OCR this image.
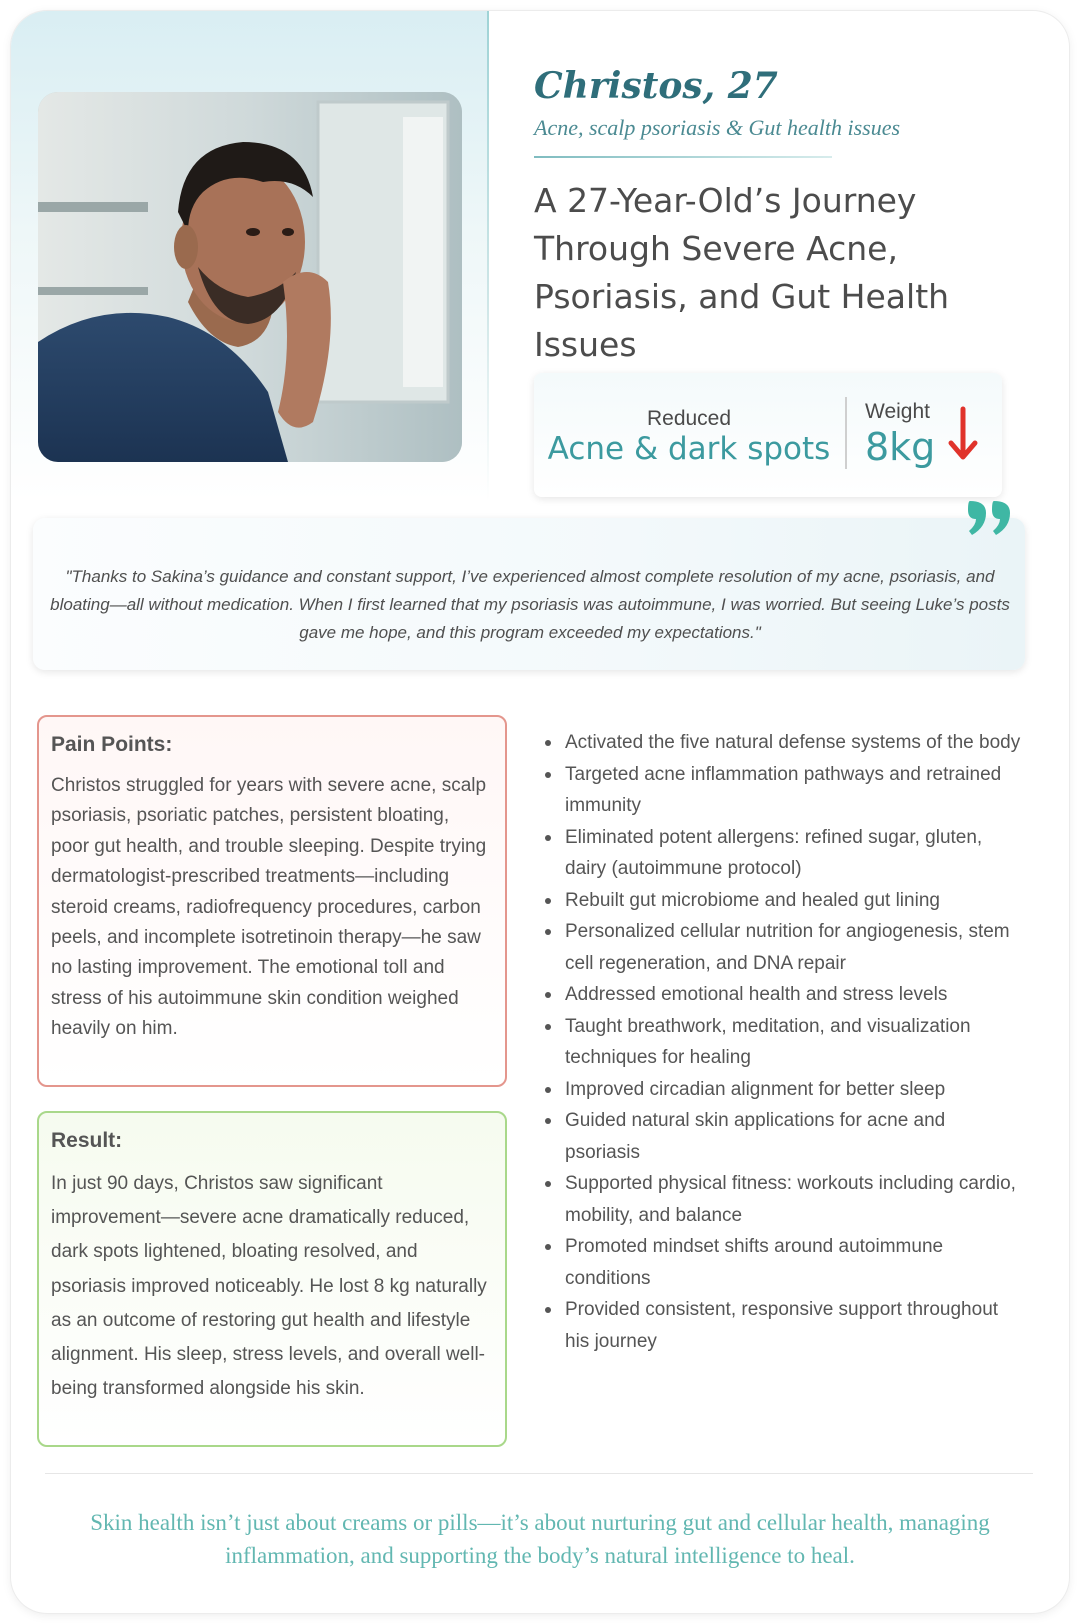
Christos, 27

Acne, scalp psoriasis & Gut health issues

A 27-Year-Old’s Journey Through Severe Acne, Psoriasis, and Gut Health Issues
Reduced
Acne & dark spots
Weight
8kg

"Thanks to Sakina’s guidance and constant support, I’ve experienced almost complete resolution of my acne, psoriasis, and bloating—all without medication. When I first learned that my psoriasis was autoimmune, I was worried. But seeing Luke’s posts gave me hope, and this program exceeded my expectations."

Pain Points:

Christos struggled for years with severe acne, scalp psoriasis, psoriatic patches, persistent bloating, poor gut health, and trouble sleeping. Despite trying dermatologist-prescribed treatments—including steroid creams, radiofrequency procedures, carbon peels, and incomplete isotretinoin therapy—he saw no lasting improvement. The emotional toll and stress of his autoimmune skin condition weighed heavily on him.

Result:

In just 90 days, Christos saw significant improvement—severe acne dramatically reduced, dark spots lightened, bloating resolved, and psoriasis improved noticeably. He lost 8 kg naturally as an outcome of restoring gut health and lifestyle alignment. His sleep, stress levels, and overall well-being transformed alongside his skin.

Activated the five natural defense systems of the body
Targeted acne inflammation pathways and retrained immunity
Eliminated potent allergens: refined sugar, gluten, dairy (autoimmune protocol)
Rebuilt gut microbiome and healed gut lining
Personalized cellular nutrition for angiogenesis, stem cell regeneration, and DNA repair
Addressed emotional health and stress levels
Taught breathwork, meditation, and visualization techniques for healing
Improved circadian alignment for better sleep
Guided natural skin applications for acne and psoriasis
Supported physical fitness: workouts including cardio, mobility, and balance
Promoted mindset shifts around autoimmune conditions
Provided consistent, responsive support throughout his journey

Skin health isn’t just about creams or pills—it’s about nurturing gut and cellular health, managing inflammation, and supporting the body’s natural intelligence to heal.
